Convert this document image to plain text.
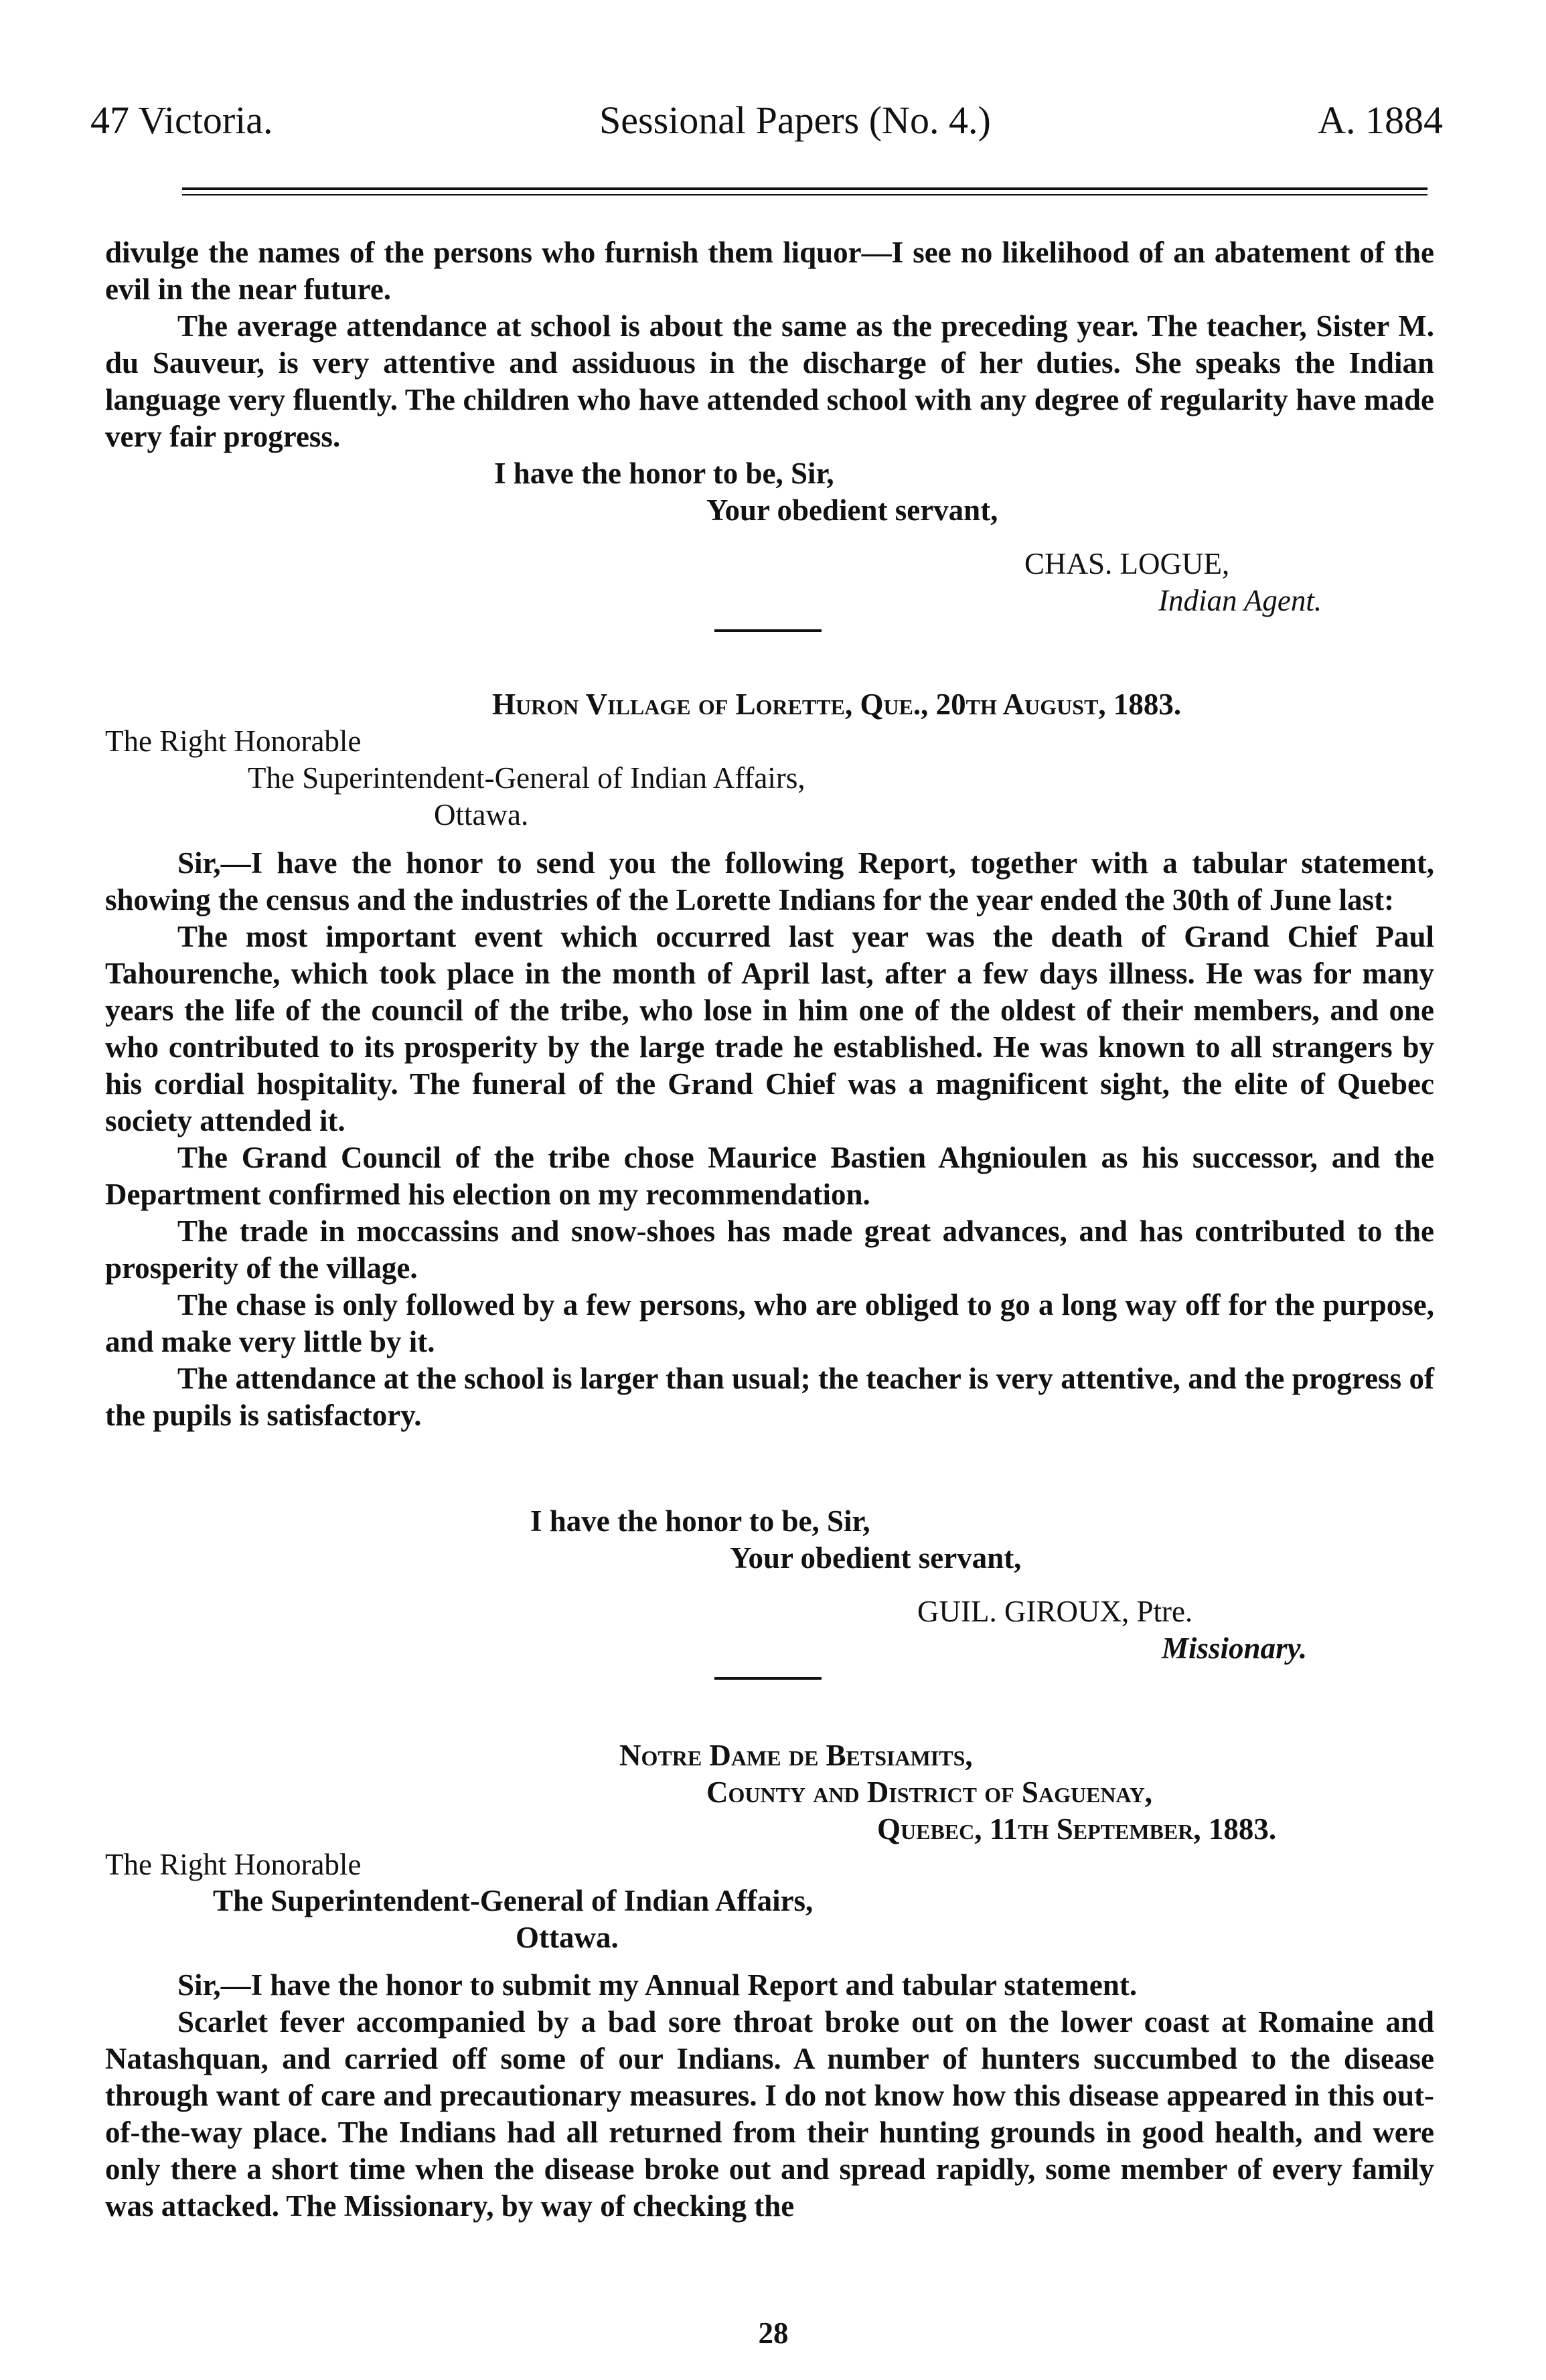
47 Victoria.	Sessional Papers (No. 4.)	A. 1884

divulge the names of the persons who furnish them liquor—I see no likelihood of an abatement of the evil in the near future.

The average attendance at school is about the same as the preceding year. The teacher, Sister M. du Sauveur, is very attentive and assiduous in the discharge of her duties. She speaks the Indian language very fluently. The children who have attended school with any degree of regularity have made very fair progress.

I have the honor to be, Sir,
Your obedient servant,
CHAS. LOGUE,
Indian Agent.
Huron Village of Lorette, Que., 20th August, 1883.
The Right Honorable
The Superintendent-General of Indian Affairs,
Ottawa.

Sir,—I have the honor to send you the following Report, together with a tabular statement, showing the census and the industries of the Lorette Indians for the year ended the 30th of June last:

The most important event which occurred last year was the death of Grand Chief Paul Tahourenche, which took place in the month of April last, after a few days illness. He was for many years the life of the council of the tribe, who lose in him one of the oldest of their members, and one who contributed to its prosperity by the large trade he established. He was known to all strangers by his cordial hospitality. The funeral of the Grand Chief was a magnificent sight, the elite of Quebec society attended it.

The Grand Council of the tribe chose Maurice Bastien Ahgnioulen as his successor, and the Department confirmed his election on my recommendation.

The trade in moccassins and snow-shoes has made great advances, and has contributed to the prosperity of the village.

The chase is only followed by a few persons, who are obliged to go a long way off for the purpose, and make very little by it.

The attendance at the school is larger than usual; the teacher is very attentive, and the progress of the pupils is satisfactory.

I have the honor to be, Sir,
Your obedient servant,
GUIL. GIROUX, Ptre.
Missionary.
Notre Dame de Betsiamits,
County and District of Saguenay,
Quebec, 11th September, 1883.
The Right Honorable
The Superintendent-General of Indian Affairs,
Ottawa.

Sir,—I have the honor to submit my Annual Report and tabular statement.

Scarlet fever accompanied by a bad sore throat broke out on the lower coast at Romaine and Natashquan, and carried off some of our Indians. A number of hunters succumbed to the disease through want of care and precautionary measures. I do not know how this disease appeared in this out-of-the-way place. The Indians had all returned from their hunting grounds in good health, and were only there a short time when the disease broke out and spread rapidly, some member of every family was attacked. The Missionary, by way of checking the

28
